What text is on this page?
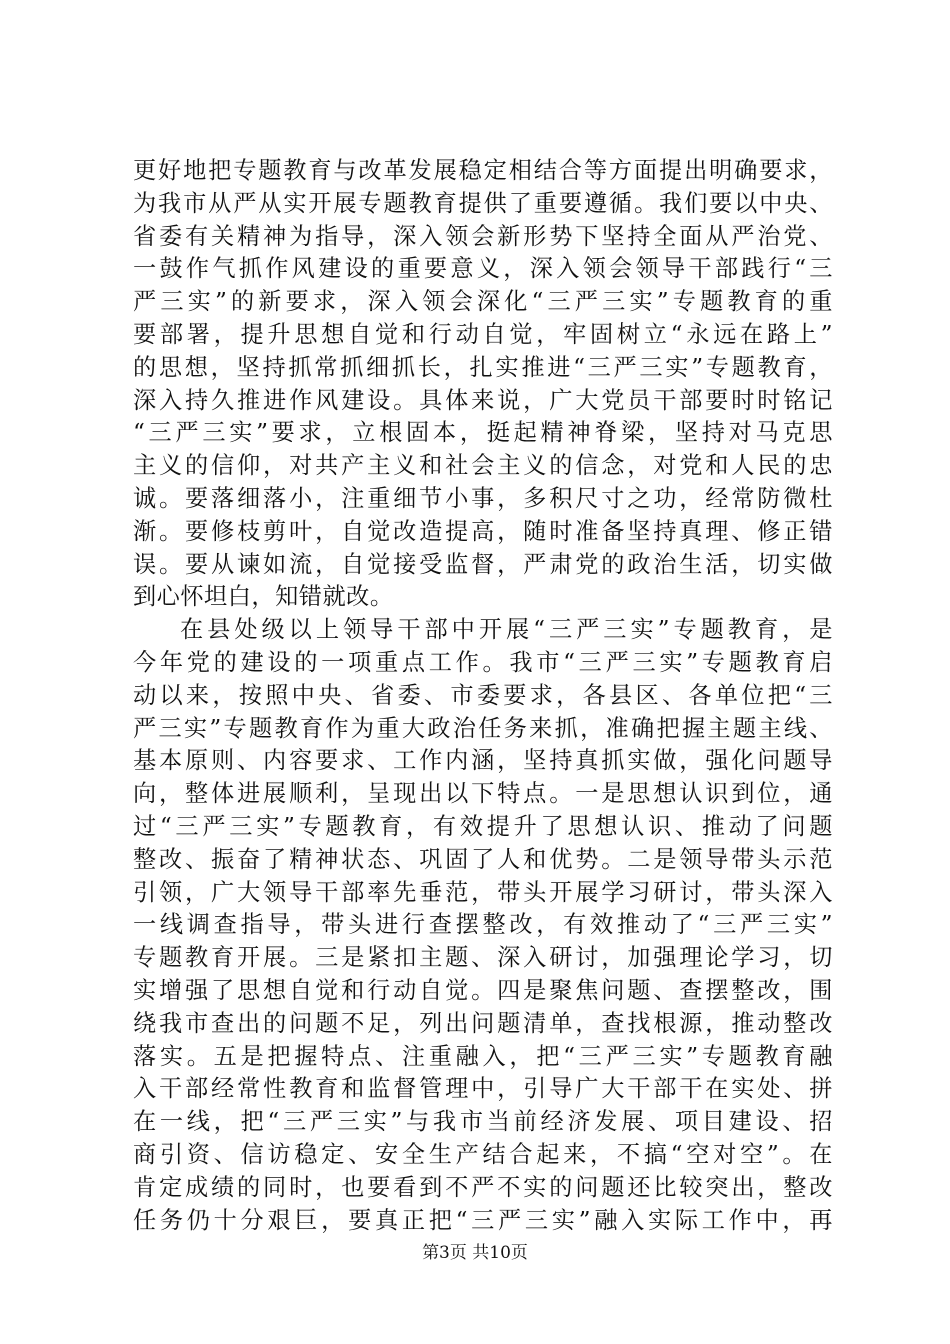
更好地把专题教育与改革发展稳定相结合等方面提出明确要求，
为我市从严从实开展专题教育提供了重要遵循。我们要以中央、
省委有关精神为指导，深入领会新形势下坚持全面从严治党、
一鼓作气抓作风建设的重要意义，深入领会领导干部践行“三
严三实”的新要求，深入领会深化“三严三实”专题教育的重
要部署，提升思想自觉和行动自觉，牢固树立“永远在路上”
的思想，坚持抓常抓细抓长，扎实推进“三严三实”专题教育，
深入持久推进作风建设。具体来说，广大党员干部要时时铭记
“三严三实”要求，立根固本，挺起精神脊梁，坚持对马克思
主义的信仰，对共产主义和社会主义的信念，对党和人民的忠
诚。要落细落小，注重细节小事，多积尺寸之功，经常防微杜
渐。要修枝剪叶，自觉改造提高，随时准备坚持真理、修正错
误。要从谏如流，自觉接受监督，严肃党的政治生活，切实做
到心怀坦白，知错就改。
在县处级以上领导干部中开展“三严三实”专题教育，是
今年党的建设的一项重点工作。我市“三严三实”专题教育启
动以来，按照中央、省委、市委要求，各县区、各单位把“三
严三实”专题教育作为重大政治任务来抓，准确把握主题主线、
基本原则、内容要求、工作内涵，坚持真抓实做，强化问题导
向，整体进展顺利，呈现出以下特点。一是思想认识到位，通
过“三严三实”专题教育，有效提升了思想认识、推动了问题
整改、振奋了精神状态、巩固了人和优势。二是领导带头示范
引领，广大领导干部率先垂范，带头开展学习研讨，带头深入
一线调查指导，带头进行查摆整改，有效推动了“三严三实”
专题教育开展。三是紧扣主题、深入研讨，加强理论学习，切
实增强了思想自觉和行动自觉。四是聚焦问题、查摆整改，围
绕我市查出的问题不足，列出问题清单，查找根源，推动整改
落实。五是把握特点、注重融入，把“三严三实”专题教育融
入干部经常性教育和监督管理中，引导广大干部干在实处、拼
在一线，把“三严三实”与我市当前经济发展、项目建设、招
商引资、信访稳定、安全生产结合起来，不搞“空对空”。在
肯定成绩的同时，也要看到不严不实的问题还比较突出，整改
任务仍十分艰巨，要真正把“三严三实”融入实际工作中，再
第3页 共10页
